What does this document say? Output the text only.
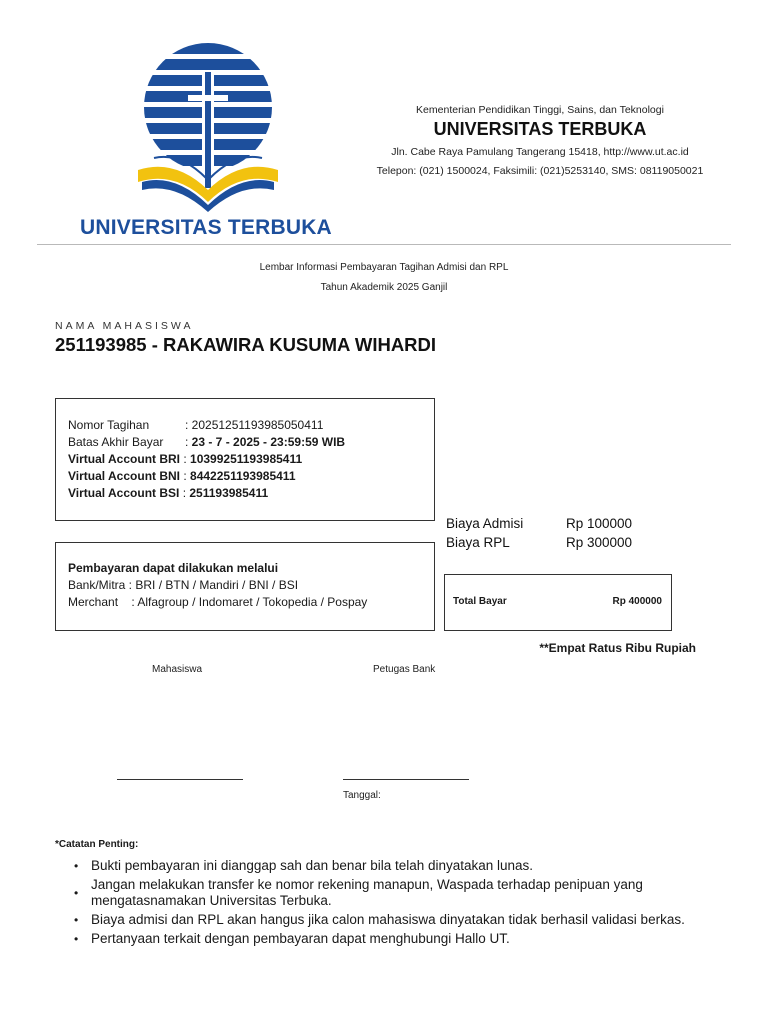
UNIVERSITAS TERBUKA
Kementerian Pendidikan Tinggi, Sains, dan Teknologi
UNIVERSITAS TERBUKA
Jln. Cabe Raya Pamulang Tangerang 15418, http://www.ut.ac.id
Telepon: (021) 1500024, Faksimili: (021)5253140, SMS: 08119050021
Lembar Informasi Pembayaran Tagihan Admisi dan RPL
Tahun Akademik 2025 Ganjil
NAMA MAHASISWA
251193985 - RAKAWIRA KUSUMA WIHARDI
Nomor Tagihan	: 20251251193985050411
Batas Akhir Bayar : 23 - 7 - 2025 - 23:59:59 WIB
Virtual Account BRI : 10399251193985411
Virtual Account BNI : 8442251193985411
Virtual Account BSI : 251193985411
Pembayaran dapat dilakukan melalui
Bank/Mitra : BRI / BTN / Mandiri / BNI / BSI
Merchant    : Alfagroup / Indomaret / Tokopedia / Pospay
Biaya Admisi	Rp 100000
Biaya RPL	Rp 300000
Total Bayar	Rp 400000
**Empat Ratus Ribu Rupiah
Mahasiswa	Petugas Bank
Tanggal:
*Catatan Penting:
• Bukti pembayaran ini dianggap sah dan benar bila telah dinyatakan lunas.
• Jangan melakukan transfer ke nomor rekening manapun, Waspada terhadap penipuan yang mengatasnamakan Universitas Terbuka.
• Biaya admisi dan RPL akan hangus jika calon mahasiswa dinyatakan tidak berhasil validasi berkas.
• Pertanyaan terkait dengan pembayaran dapat menghubungi Hallo UT.
